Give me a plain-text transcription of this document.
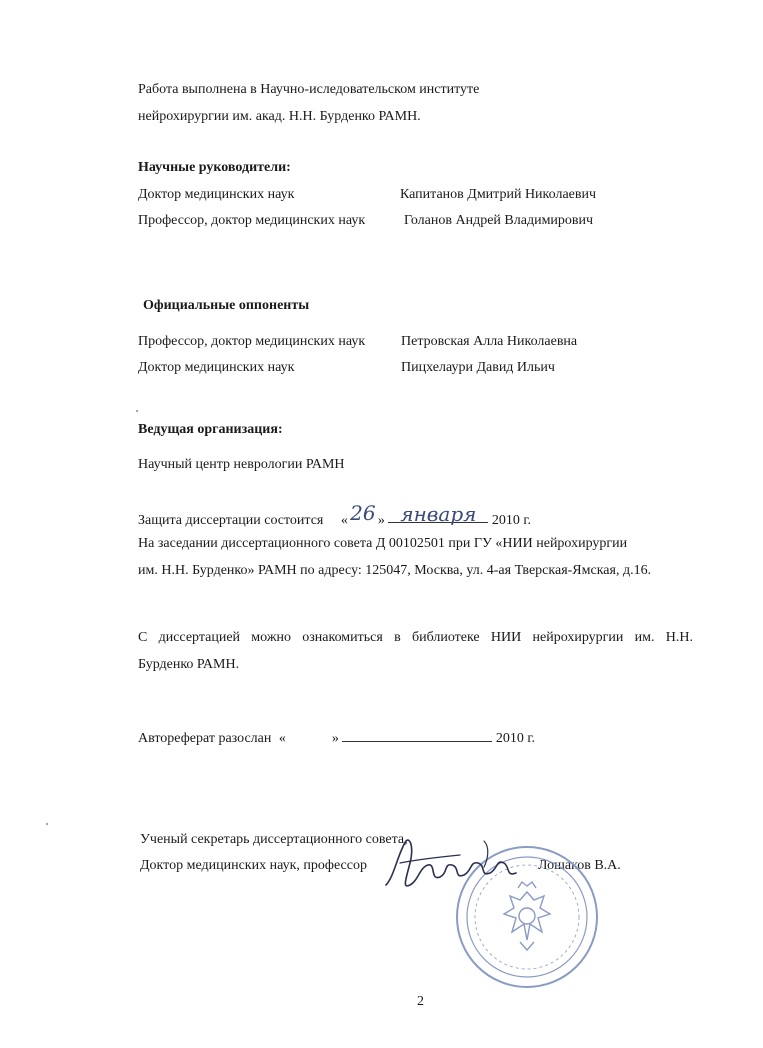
Работа выполнена в Научно-иследовательском институте
нейрохирургии им. акад. Н.Н. Бурденко РАМН.
Научные руководители:
Доктор медицинских наук	Капитанов Дмитрий Николаевич
Профессор, доктор медицинских наук	Голанов Андрей Владимирович
Официальные оппоненты
Профессор, доктор медицинских наук	Петровская Алла Николаевна
Доктор медицинских наук	Пицхелаури Давид Ильич
Ведущая организация:
Научный центр неврологии РАМН
Защита диссертации состоится « 26 » января 2010 г.
На заседании диссертационного совета Д 00102501 при ГУ «НИИ нейрохирургии
им. Н.Н. Бурденко» РАМН по адресу: 125047, Москва, ул. 4-ая Тверская-Ямская, д.16.
С диссертацией можно ознакомиться в библиотеке НИИ нейрохирургии им. Н.Н.
Бурденко РАМН.
Автореферат разослан «	»	2010 г.
Ученый секретарь диссертационного совета,
Доктор медицинских наук, профессор	Лошаков В.А.
2
